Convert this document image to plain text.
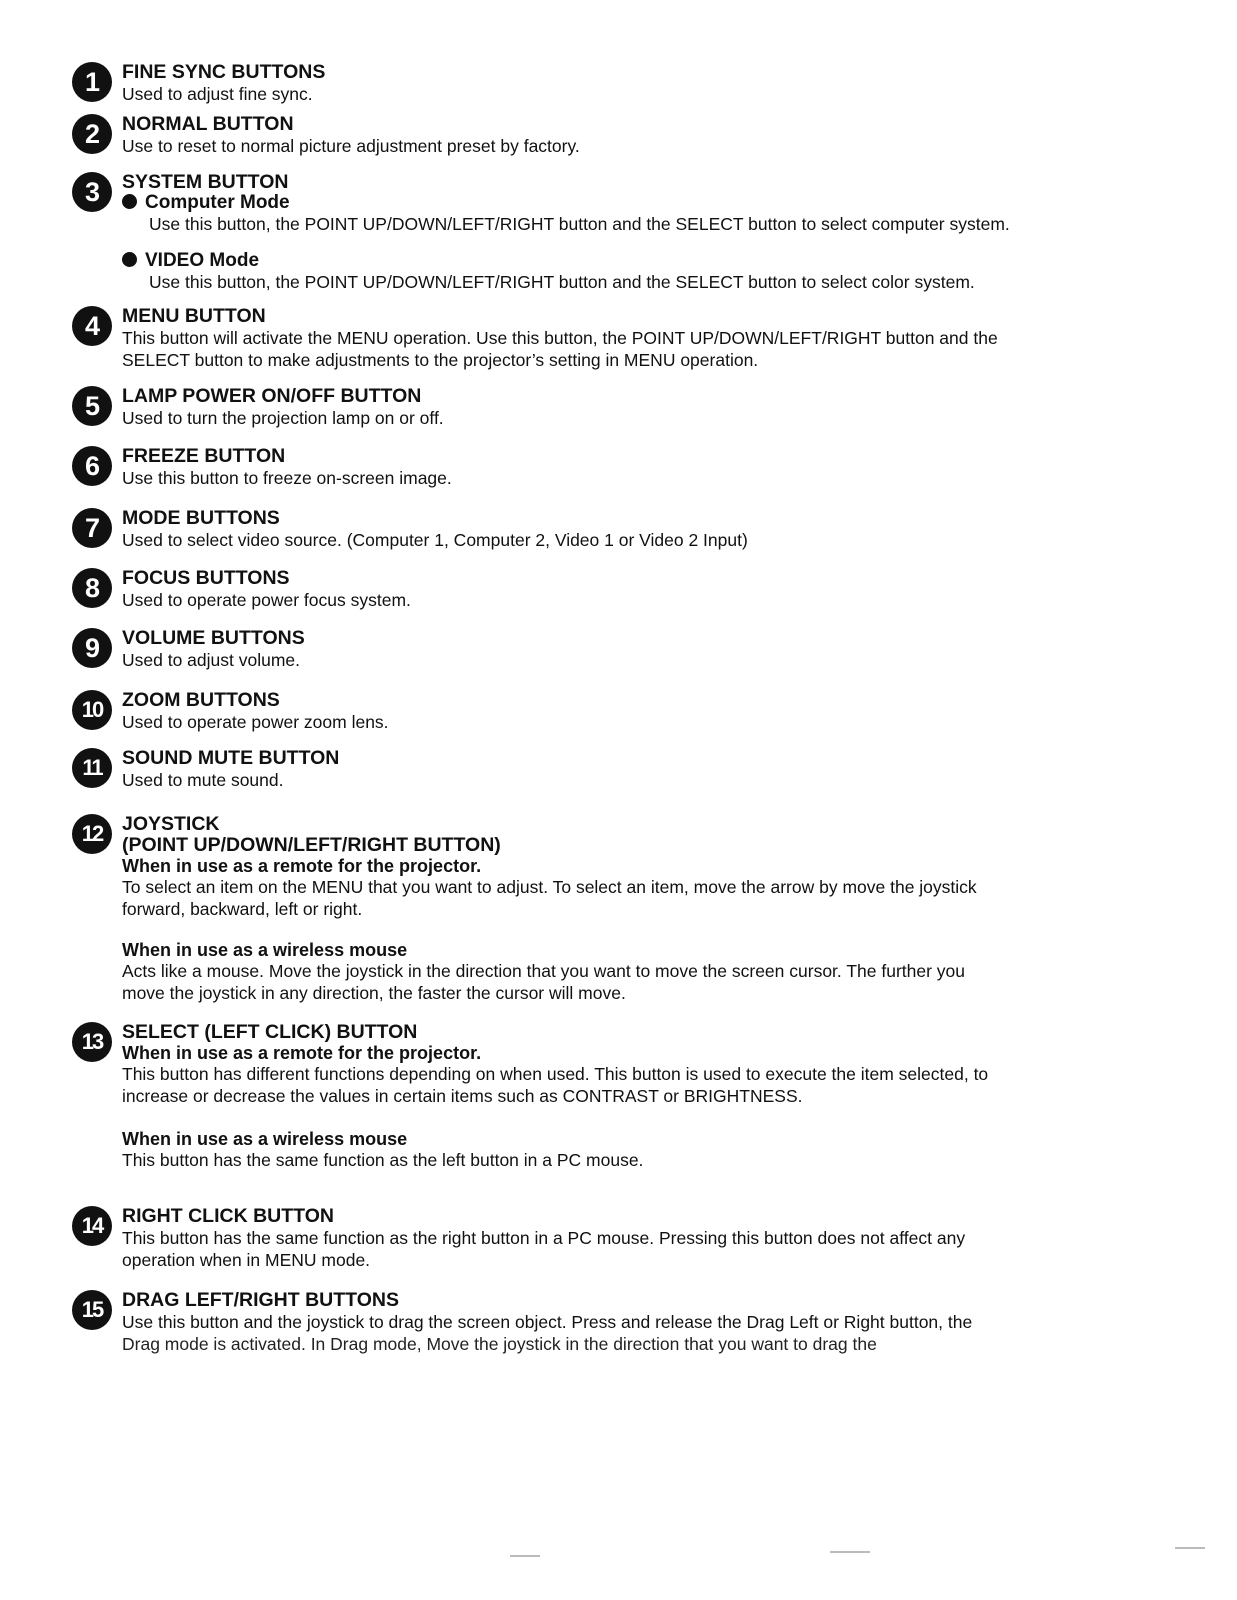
1	FINE SYNC BUTTONS
Used to adjust fine sync.
2	NORMAL BUTTON
Use to reset to normal picture adjustment preset by factory.
3	SYSTEM BUTTON
Computer Mode
Use this button, the POINT UP/DOWN/LEFT/RIGHT button and the SELECT button to select computer system.
VIDEO Mode
Use this button, the POINT UP/DOWN/LEFT/RIGHT button and the SELECT button to select color system.
4	MENU BUTTON
This button will activate the MENU operation. Use this button, the POINT UP/DOWN/LEFT/RIGHT button and the
SELECT button to make adjustments to the projector’s setting in MENU operation.
5	LAMP POWER ON/OFF BUTTON
Used to turn the projection lamp on or off.
6	FREEZE BUTTON
Use this button to freeze on-screen image.
7	MODE BUTTONS
Used to select video source. (Computer 1, Computer 2, Video 1 or Video 2 Input)
8	FOCUS BUTTONS
Used to operate power focus system.
9	VOLUME BUTTONS
Used to adjust volume.
10	ZOOM BUTTONS
Used to operate power zoom lens.
11	SOUND MUTE BUTTON
Used to mute sound.
12	JOYSTICK
(POINT UP/DOWN/LEFT/RIGHT BUTTON)
When in use as a remote for the projector.
To select an item on the MENU that you want to adjust. To select an item, move the arrow by move the joystick
forward, backward, left or right.
When in use as a wireless mouse
Acts like a mouse. Move the joystick in the direction that you want to move the screen cursor. The further you
move the joystick in any direction, the faster the cursor will move.
13	SELECT (LEFT CLICK) BUTTON
When in use as a remote for the projector.
This button has different functions depending on when used. This button is used to execute the item selected, to
increase or decrease the values in certain items such as CONTRAST or BRIGHTNESS.
When in use as a wireless mouse
This button has the same function as the left button in a PC mouse.
14	RIGHT CLICK BUTTON
This button has the same function as the right button in a PC mouse. Pressing this button does not affect any
operation when in MENU mode.
15	DRAG LEFT/RIGHT BUTTONS
Use this button and the joystick to drag the screen object. Press and release the Drag Left or Right button, the
Drag mode is activated. In Drag mode, Move the joystick in the direction that you want to drag the
